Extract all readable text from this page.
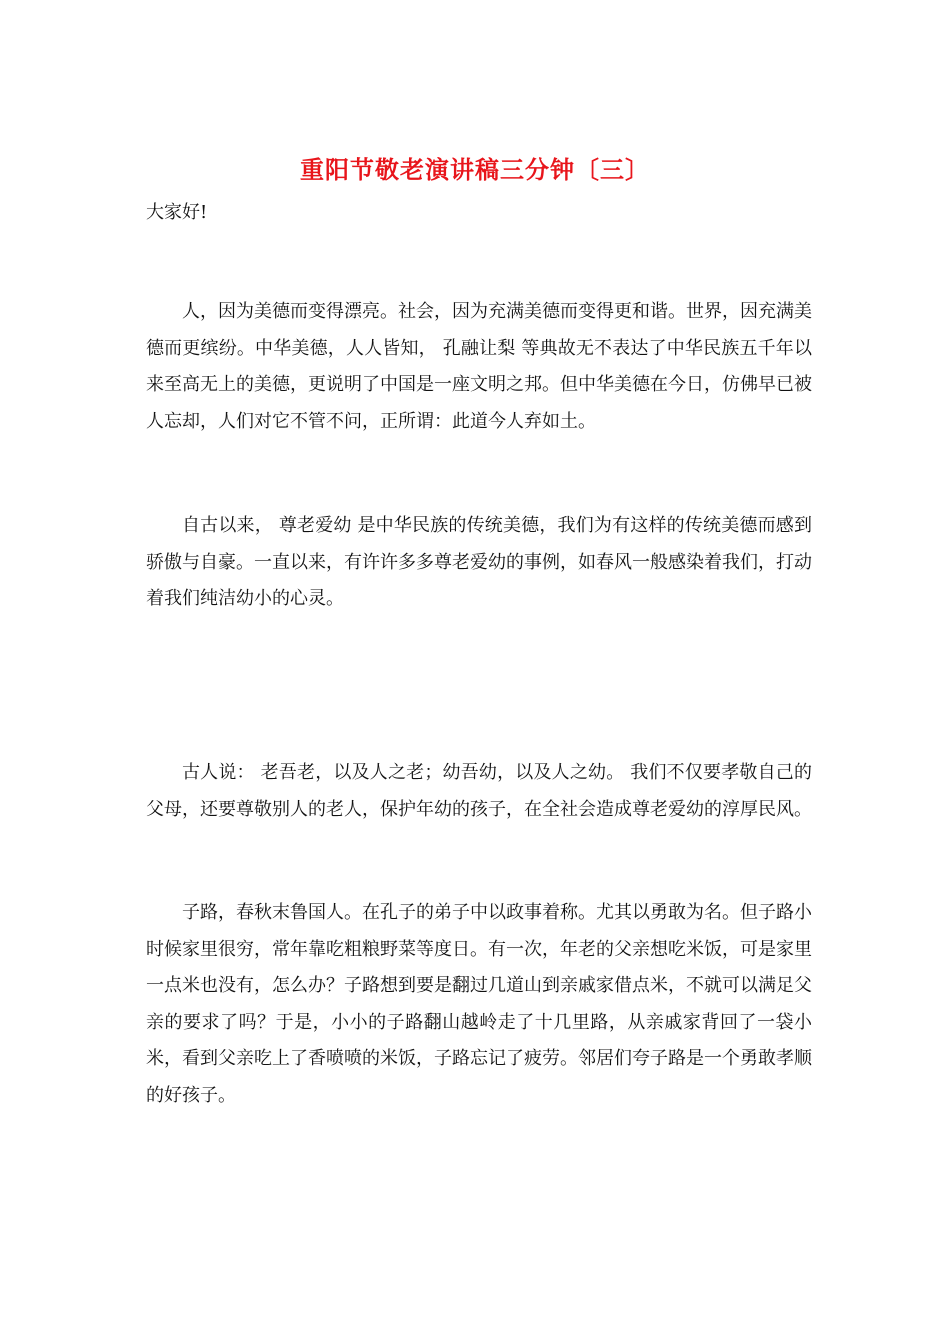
重阳节敬老演讲稿三分钟〔三〕
大家好!

人，因为美德而变得漂亮。社会，因为充满美德而变得更和谐。世界，因充满美德而更缤纷。中华美德，人人皆知， 孔融让梨 等典故无不表达了中华民族五千年以来至高无上的美德，更说明了中国是一座文明之邦。但中华美德在今日，仿佛早已被人忘却，人们对它不管不问，正所谓：此道今人弃如土。

自古以来， 尊老爱幼 是中华民族的传统美德，我们为有这样的传统美德而感到骄傲与自豪。一直以来，有许许多多尊老爱幼的事例，如春风一般感染着我们，打动着我们纯洁幼小的心灵。

古人说： 老吾老，以及人之老；幼吾幼，以及人之幼。 我们不仅要孝敬自己的父母，还要尊敬别人的老人，保护年幼的孩子，在全社会造成尊老爱幼的淳厚民风。

子路，春秋末鲁国人。在孔子的弟子中以政事着称。尤其以勇敢为名。但子路小时候家里很穷，常年靠吃粗粮野菜等度日。有一次，年老的父亲想吃米饭，可是家里一点米也没有，怎么办？子路想到要是翻过几道山到亲戚家借点米，不就可以满足父亲的要求了吗？于是，小小的子路翻山越岭走了十几里路，从亲戚家背回了一袋小米，看到父亲吃上了香喷喷的米饭，子路忘记了疲劳。邻居们夸子路是一个勇敢孝顺的好孩子。
